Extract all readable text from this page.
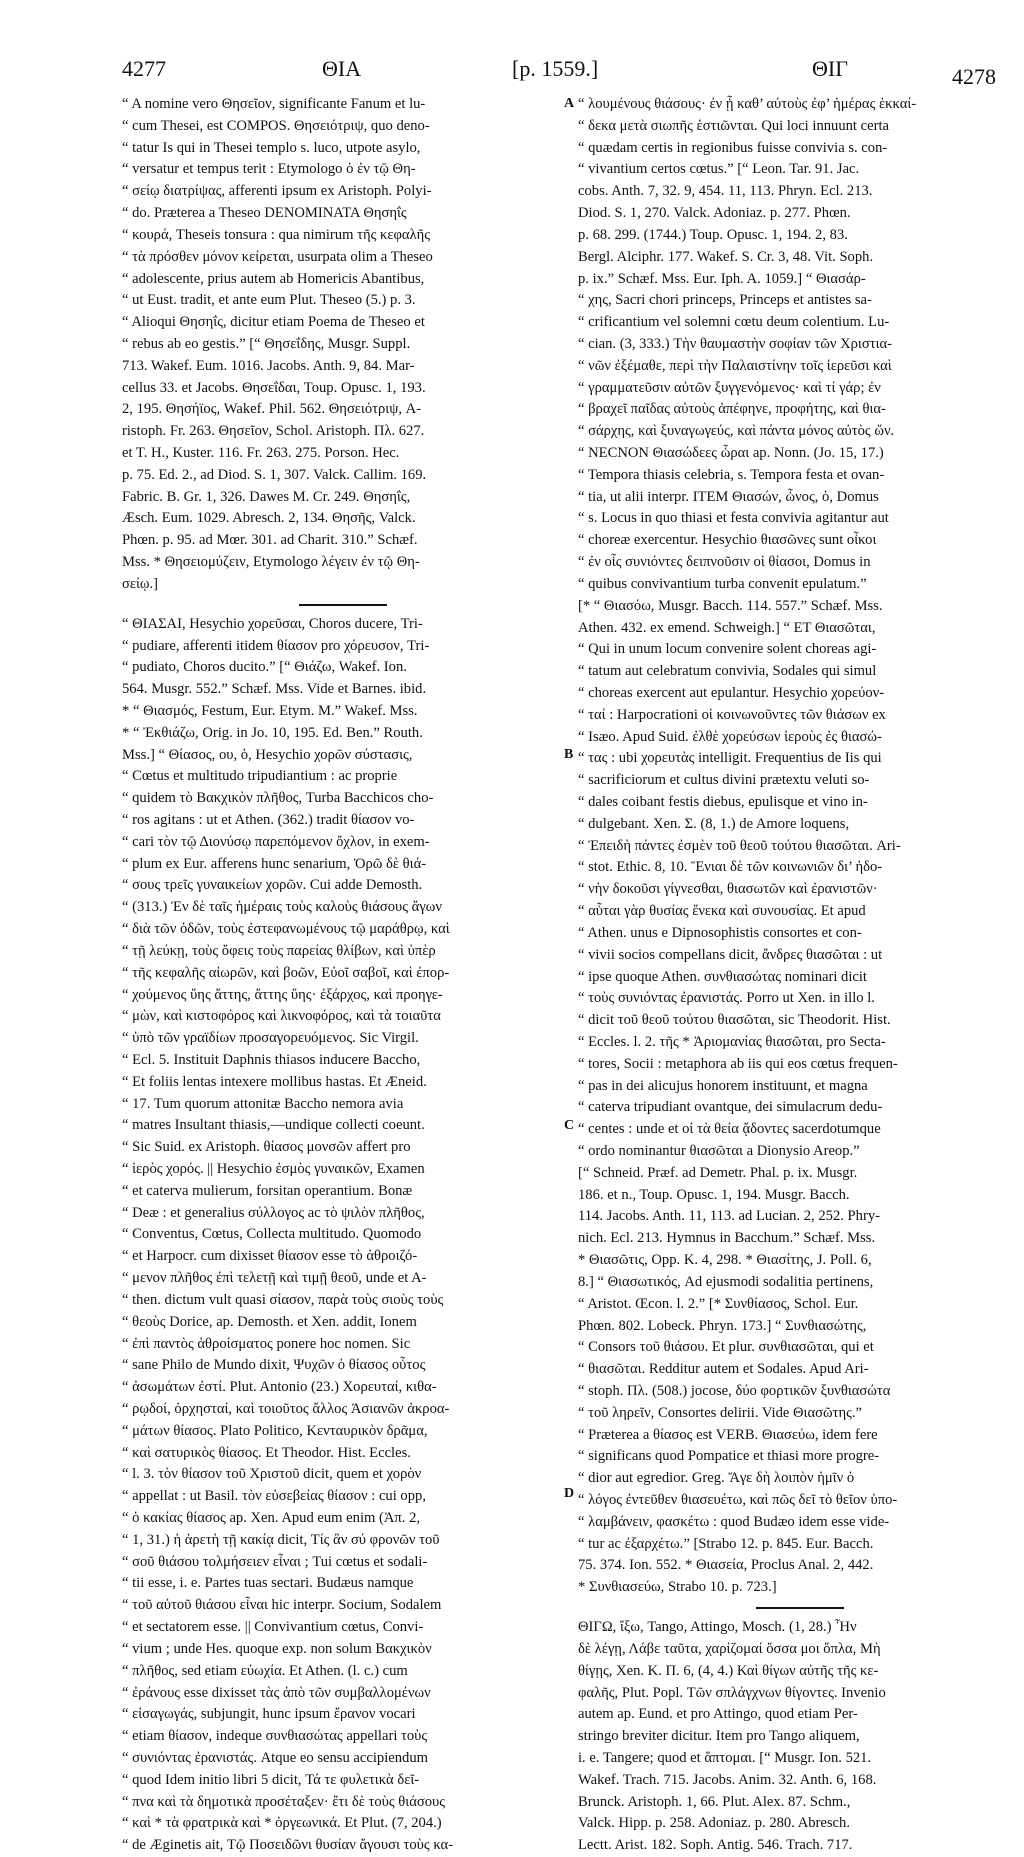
4277	ΘΙΑ	[p. 1559.]	ΘΙΓ	4278
A
B
C
D
“ A nomine vero Θησεῖον, significante Fanum et lu-
“ cum Thesei, est COMPOS. Θησειότριψ, quo deno-
“ tatur Is qui in Thesei templo s. luco, utpote asylo,
“ versatur et tempus terit : Etymologo ὁ ἐν τῷ Θη-
“ σείῳ διατρίψας, afferenti ipsum ex Aristoph. Polyi-
“ do. Præterea a Theseo DENOMINATA Θησηΐς
“ κουρά, Theseis tonsura : qua nimirum τῆς κεφαλῆς
“ τὰ πρόσθεν μόνον κείρεται, usurpata olim a Theseo
“ adolescente, prius autem ab Homericis Abantibus,
“ ut Eust. tradit, et ante eum Plut. Theseo (5.) p. 3.
“ Alioqui Θησηΐς, dicitur etiam Poema de Theseo et
“ rebus ab eo gestis.” [“ Θησεΐδης, Musgr. Suppl.
713. Wakef. Eum. 1016. Jacobs. Anth. 9, 84. Mar-
cellus 33. et Jacobs. Θησεΐδαι, Toup. Opusc. 1, 193.
2, 195. Θησήϊος, Wakef. Phil. 562. Θησειότριψ, A-
ristoph. Fr. 263. Θησεῖον, Schol. Aristoph. Πλ. 627.
et T. H., Kuster. 116. Fr. 263. 275. Porson. Hec.
p. 75. Ed. 2., ad Diod. S. 1, 307. Valck. Callim. 169.
Fabric. B. Gr. 1, 326. Dawes M. Cr. 249. Θησηΐς,
Æsch. Eum. 1029. Abresch. 2, 134. Θησῆς, Valck.
Phœn. p. 95. ad Mœr. 301. ad Charit. 310.” Schæf.
Mss. * Θησειομύζειν, Etymologo λέγειν ἐν τῷ Θη-
σείῳ.]
“ ΘΙΑΣΑΙ, Hesychio χορεῦσαι, Choros ducere, Tri-
“ pudiare, afferenti itidem θίασον pro χόρευσον, Tri-
“ pudiato, Choros ducito.” [“ Θιάζω, Wakef. Ion.
564. Musgr. 552.” Schæf. Mss. Vide et Barnes. ibid.
* “ Θιασμός, Festum, Eur. Etym. M.” Wakef. Mss.
* “ Ἐκθιάζω, Orig. in Jo. 10, 195. Ed. Ben.” Routh.
Mss.] “ Θίασος, ου, ὁ, Hesychio χορῶν σύστασις,
“ Cœtus et multitudo tripudiantium : ac proprie
“ quidem τὸ Βακχικὸν πλῆθος, Turba Bacchicos cho-
“ ros agitans : ut et Athen. (362.) tradit θίασον vo-
“ cari τὸν τῷ Διονύσῳ παρεπόμενον ὄχλον, in exem-
“ plum ex Eur. afferens hunc senarium, Ὁρῶ δὲ θιά-
“ σους τρεῖς γυναικείων χορῶν. Cui adde Demosth.
“ (313.) Ἐν δὲ ταῖς ἡμέραις τοὺς καλοὺς θιάσους ἄγων
“ διὰ τῶν ὁδῶν, τοὺς ἐστεφανωμένους τῷ μαράθρῳ, καὶ
“ τῇ λεύκῃ, τοὺς ὄφεις τοὺς παρείας θλίβων, καὶ ὑπὲρ
“ τῆς κεφαλῆς αἰωρῶν, καὶ βοῶν, Εὐοῖ σαβοῖ, καὶ ἐπορ-
“ χούμενος ὕης ἄττης, ἄττης ὕης· ἐξάρχος, καὶ προηγε-
“ μὼν, καὶ κιστοφόρος καὶ λικνοφόρος, καὶ τὰ τοιαῦτα
“ ὑπὸ τῶν γραϊδίων προσαγορευόμενος. Sic Virgil.
“ Ecl. 5. Instituit Daphnis thiasos inducere Baccho,
“ Et foliis lentas intexere mollibus hastas. Et Æneid.
“ 17. Tum quorum attonitæ Baccho nemora avia
“ matres Insultant thiasis,—undique collecti coeunt.
“ Sic Suid. ex Aristoph. θίασος μονσῶν affert pro
“ ἱερὸς χορός. || Hesychio ἐσμὸς γυναικῶν, Examen
“ et caterva mulierum, forsitan operantium. Bonæ
“ Deæ : et generalius σύλλογος ac τὸ ψιλὸν πλῆθος,
“ Conventus, Cœtus, Collecta multitudo. Quomodo
“ et Harpocr. cum dixisset θίασον esse τὸ ἀθροιζό-
“ μενον πλῆθος ἐπὶ τελετῇ καὶ τιμῇ θεοῦ, unde et A-
“ then. dictum vult quasi σίασον, παρὰ τοὺς σιοὺς τοὺς
“ θεοὺς Dorice, ap. Demosth. et Xen. addit, Ionem
“ ἐπὶ παντὸς ἀθροίσματος ponere hoc nomen. Sic
“ sane Philo de Mundo dixit, Ψυχῶν ὁ θίασος οὗτος
“ ἀσωμάτων ἐστί. Plut. Antonio (23.) Χορευταί, κιθα-
“ ρῳδοί, ὀρχησταί, καὶ τοιοῦτος ἄλλος Ἀσιανῶν ἀκροα-
“ μάτων θίασος. Plato Politico, Κενταυρικὸν δρᾶμα,
“ καὶ σατυρικὸς θίασος. Et Theodor. Hist. Eccles.
“ l. 3. τὸν θίασον τοῦ Χριστοῦ dicit, quem et χορὸν
“ appellat : ut Basil. τὸν εὐσεβείας θίασον : cui opp,
“ ὁ κακίας θίασος ap. Xen. Apud eum enim (Ἀπ. 2,
“ 1, 31.) ἡ ἀρετὴ τῇ κακίᾳ dicit, Τίς ἂν σύ φρονῶν τοῦ
“ σοῦ θιάσου τολμήσειεν εἶναι ; Tui cœtus et sodali-
“ tii esse, i. e. Partes tuas sectari. Budæus namque
“ τοῦ αὐτοῦ θιάσου εἶναι hic interpr. Socium, Sodalem
“ et sectatorem esse. || Convivantium cœtus, Convi-
“ vium ; unde Hes. quoque exp. non solum Βακχικὸν
“ πλῆθος, sed etiam εὐωχία. Et Athen. (l. c.) cum
“ ἐράνους esse dixisset τὰς ἀπὸ τῶν συμβαλλομένων
“ εἰσαγωγάς, subjungit, hunc ipsum ἔρανον vocari
“ etiam θίασον, indeque συνθιασώτας appellari τοὺς
“ συνιόντας ἐρανιστάς. Atque eo sensu accipiendum
“ quod Idem initio libri 5 dicit, Τά τε φυλετικὰ δεῖ-
“ πνα καὶ τὰ δημοτικὰ προσέταξεν· ἔτι δὲ τοὺς θιάσους
“ καὶ * τὰ φρατρικὰ καὶ * ὀργεωνικά. Et Plut. (7, 204.)
“ de Æginetis ait, Τῷ Ποσειδῶνι θυσίαν ἄγουσι τοὺς κα-
“ λουμένους θιάσους· ἐν ᾗ καθ’ αὐτοὺς ἐφ’ ἡμέρας ἑκκαί-
“ δεκα μετὰ σιωπῆς ἑστιῶνται. Qui loci innuunt certa
“ quædam certis in regionibus fuisse convivia s. con-
“ vivantium certos cœtus.” [“ Leon. Tar. 91. Jac.
cobs. Anth. 7, 32. 9, 454. 11, 113. Phryn. Ecl. 213.
Diod. S. 1, 270. Valck. Adoniaz. p. 277. Phœn.
p. 68. 299. (1744.) Toup. Opusc. 1, 194. 2, 83.
Bergl. Alciphr. 177. Wakef. S. Cr. 3, 48. Vit. Soph.
p. ix.” Schæf. Mss. Eur. Iph. A. 1059.] “ Θιασάρ-
“ χης, Sacri chori princeps, Princeps et antistes sa-
“ crificantium vel solemni cœtu deum colentium. Lu-
“ cian. (3, 333.) Τὴν θαυμαστὴν σοφίαν τῶν Χριστια-
“ νῶν ἐξέμαθε, περὶ τὴν Παλαιστίνην τοῖς ἱερεῦσι καὶ
“ γραμματεῦσιν αὐτῶν ξυγγενόμενος· καὶ τί γάρ; ἐν
“ βραχεῖ παῖδας αὐτοὺς ἀπέφηνε, προφήτης, καὶ θια-
“ σάρχης, καὶ ξυναγωγεύς, καὶ πάντα μόνος αὐτὸς ὤν.
“ NECNON Θιασώδεες ὧραι ap. Nonn. (Jo. 15, 17.)
“ Tempora thiasis celebria, s. Tempora festa et ovan-
“ tia, ut alii interpr. ITEM Θιασών, ὦνος, ὁ, Domus
“ s. Locus in quo thiasi et festa convivia agitantur aut
“ choreæ exercentur. Hesychio θιασῶνες sunt οἶκοι
“ ἐν οἷς συνιόντες δειπνοῦσιν οἱ θίασοι, Domus in
“ quibus convivantium turba convenit epulatum.”
[* “ Θιασόω, Musgr. Bacch. 114. 557.” Schæf. Mss.
Athen. 432. ex emend. Schweigh.] “ ΕΤ Θιασῶται,
“ Qui in unum locum convenire solent choreas agi-
“ tatum aut celebratum convivia, Sodales qui simul
“ choreas exercent aut epulantur. Hesychio χορεύον-
“ ταί : Harpocrationi οἱ κοινωνοῦντες τῶν θιάσων ex
“ Isæo. Apud Suid. ἐλθὲ χορεύσων ἱεροὺς ἐς θιασώ-
“ τας : ubi χορευτὰς intelligit. Frequentius de Iis qui
“ sacrificiorum et cultus divini prætextu veluti so-
“ dales coibant festis diebus, epulisque et vino in-
“ dulgebant. Xen. Σ. (8, 1.) de Amore loquens,
“ Ἐπειδὴ πάντες ἐσμὲν τοῦ θεοῦ τούτου θιασῶται. Ari-
“ stot. Ethic. 8, 10. Ἔνιαι δὲ τῶν κοινωνιῶν δι’ ἡδο-
“ νὴν δοκοῦσι γίγνεσθαι, θιασωτῶν καὶ ἐρανιστῶν·
“ αὗται γὰρ θυσίας ἕνεκα καὶ συνουσίας. Et apud
“ Athen. unus e Dipnosophistis consortes et con-
“ vivii socios compellans dicit, ἄνδρες θιασῶται : ut
“ ipse quoque Athen. συνθιασώτας nominari dicit
“ τοὺς συνιόντας ἐρανιστάς. Porro ut Xen. in illo l.
“ dicit τοῦ θεοῦ τούτου θιασῶται, sic Theodorit. Hist.
“ Eccles. l. 2. τῆς * Ἀριομανίας θιασῶται, pro Secta-
“ tores, Socii : metaphora ab iis qui eos cœtus frequen-
“ pas in dei alicujus honorem instituunt, et magna
“ caterva tripudiant ovantque, dei simulacrum dedu-
“ centes : unde et οἱ τὰ θεία ᾄδοντες sacerdotumque
“ ordo nominantur θιασῶται a Dionysio Areop.”
[“ Schneid. Præf. ad Demetr. Phal. p. ix. Musgr.
186. et n., Toup. Opusc. 1, 194. Musgr. Bacch.
114. Jacobs. Anth. 11, 113. ad Lucian. 2, 252. Phry-
nich. Ecl. 213. Hymnus in Bacchum.” Schæf. Mss.
* Θιασῶτις, Opp. K. 4, 298. * Θιασίτης, J. Poll. 6,
8.] “ Θιασωτικός, Ad ejusmodi sodalitia pertinens,
“ Aristot. Œcon. l. 2.” [* Συνθίασος, Schol. Eur.
Phœn. 802. Lobeck. Phryn. 173.] “ Συνθιασώτης,
“ Consors τοῦ θιάσου. Et plur. συνθιασῶται, qui et
“ θιασῶται. Redditur autem et Sodales. Apud Ari-
“ stoph. Πλ. (508.) jocose, δύο φορτικῶν ξυνθιασώτα
“ τοῦ ληρεῖν, Consortes delirii. Vide Θιασῶτης.”
“ Præterea a θίασος est VERB. Θιασεύω, idem fere
“ significans quod Pompatice et thiasi more progre-
“ dior aut egredior. Greg. Ἄγε δὴ λοιπὸν ἡμῖν ὁ
“ λόγος ἐντεῦθεν θιασευέτω, καὶ πῶς δεῖ τὸ θεῖον ὑπο-
“ λαμβάνειν, φασκέτω : quod Budæo idem esse vide-
“ tur ac ἐξαρχέτω.” [Strabo 12. p. 845. Eur. Bacch.
75. 374. Ion. 552. * Θιασεία, Proclus Anal. 2, 442.
* Συνθιασεύω, Strabo 10. p. 723.]
ΘΙΓΩ, ἴξω, Tango, Attingo, Mosch. (1, 28.) Ἦν
δὲ λέγῃ, Λάβε ταῦτα, χαρίζομαί ὅσσα μοι ὅπλα, Μὴ
θίγῃς, Xen. K. Π. 6, (4, 4.) Καὶ θίγων αὐτῆς τῆς κε-
φαλῆς, Plut. Popl. Τῶν σπλάγχνων θίγοντες. Invenio
autem ap. Eund. et pro Attingo, quod etiam Per-
stringo breviter dicitur. Item pro Tango aliquem,
i. e. Tangere; quod et ἅπτομαι. [“ Musgr. Ion. 521.
Wakef. Trach. 715. Jacobs. Anim. 32. Anth. 6, 168.
Brunck. Aristoph. 1, 66. Plut. Alex. 87. Schm.,
Valck. Hipp. p. 258. Adoniaz. p. 280. Abresch.
Lectt. Arist. 182. Soph. Antig. 546. Trach. 717.
